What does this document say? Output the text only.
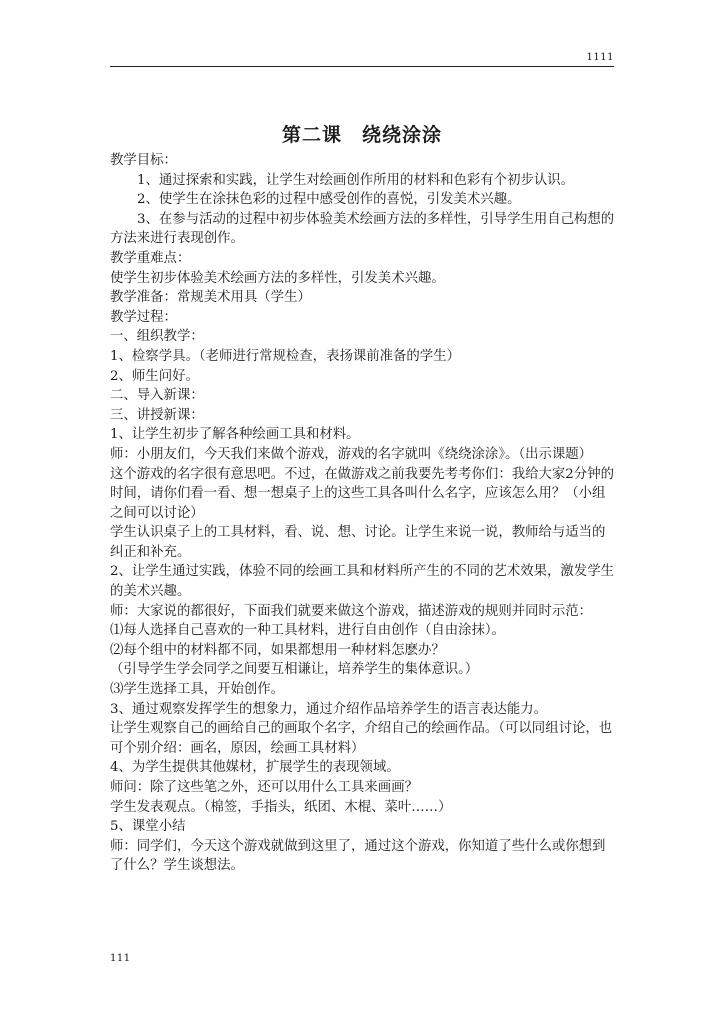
1111
第二课　绕绕涂涂

教学目标：

1、通过探索和实践，让学生对绘画创作所用的材料和色彩有个初步认识。

2、使学生在涂抹色彩的过程中感受创作的喜悦，引发美术兴趣。

3、在参与活动的过程中初步体验美术绘画方法的多样性，引导学生用自己构想的方法来进行表现创作。

教学重难点：

使学生初步体验美术绘画方法的多样性，引发美术兴趣。

教学准备：常规美术用具（学生）

教学过程：

一、组织教学：

1、检察学具。（老师进行常规检查，表扬课前准备的学生）

2、师生问好。

二、导入新课：

三、讲授新课：

1、让学生初步了解各种绘画工具和材料。

师：小朋友们，今天我们来做个游戏，游戏的名字就叫《绕绕涂涂》。（出示课题）

这个游戏的名字很有意思吧。不过，在做游戏之前我要先考考你们：我给大家2分钟的时间，请你们看一看、想一想桌子上的这些工具各叫什么名字，应该怎么用？（小组之间可以讨论）

学生认识桌子上的工具材料，看、说、想、讨论。让学生来说一说，教师给与适当的纠正和补充。

2、让学生通过实践，体验不同的绘画工具和材料所产生的不同的艺术效果，激发学生的美术兴趣。

师：大家说的都很好，下面我们就要来做这个游戏，描述游戏的规则并同时示范：

⑴每人选择自己喜欢的一种工具材料，进行自由创作（自由涂抹）。

⑵每个组中的材料都不同，如果都想用一种材料怎麽办？

（引导学生学会同学之间要互相谦让，培养学生的集体意识。）

⑶学生选择工具，开始创作。

3、通过观察发挥学生的想象力，通过介绍作品培养学生的语言表达能力。

让学生观察自己的画给自己的画取个名字，介绍自己的绘画作品。（可以同组讨论，也可个别介绍：画名，原因，绘画工具材料）

4、为学生提供其他媒材，扩展学生的表现领域。

师问：除了这些笔之外，还可以用什么工具来画画？

学生发表观点。（棉签，手指头，纸团、木棍、菜叶……）

5、课堂小结

师：同学们，今天这个游戏就做到这里了，通过这个游戏，你知道了些什么或你想到了什么？学生谈想法。

111
